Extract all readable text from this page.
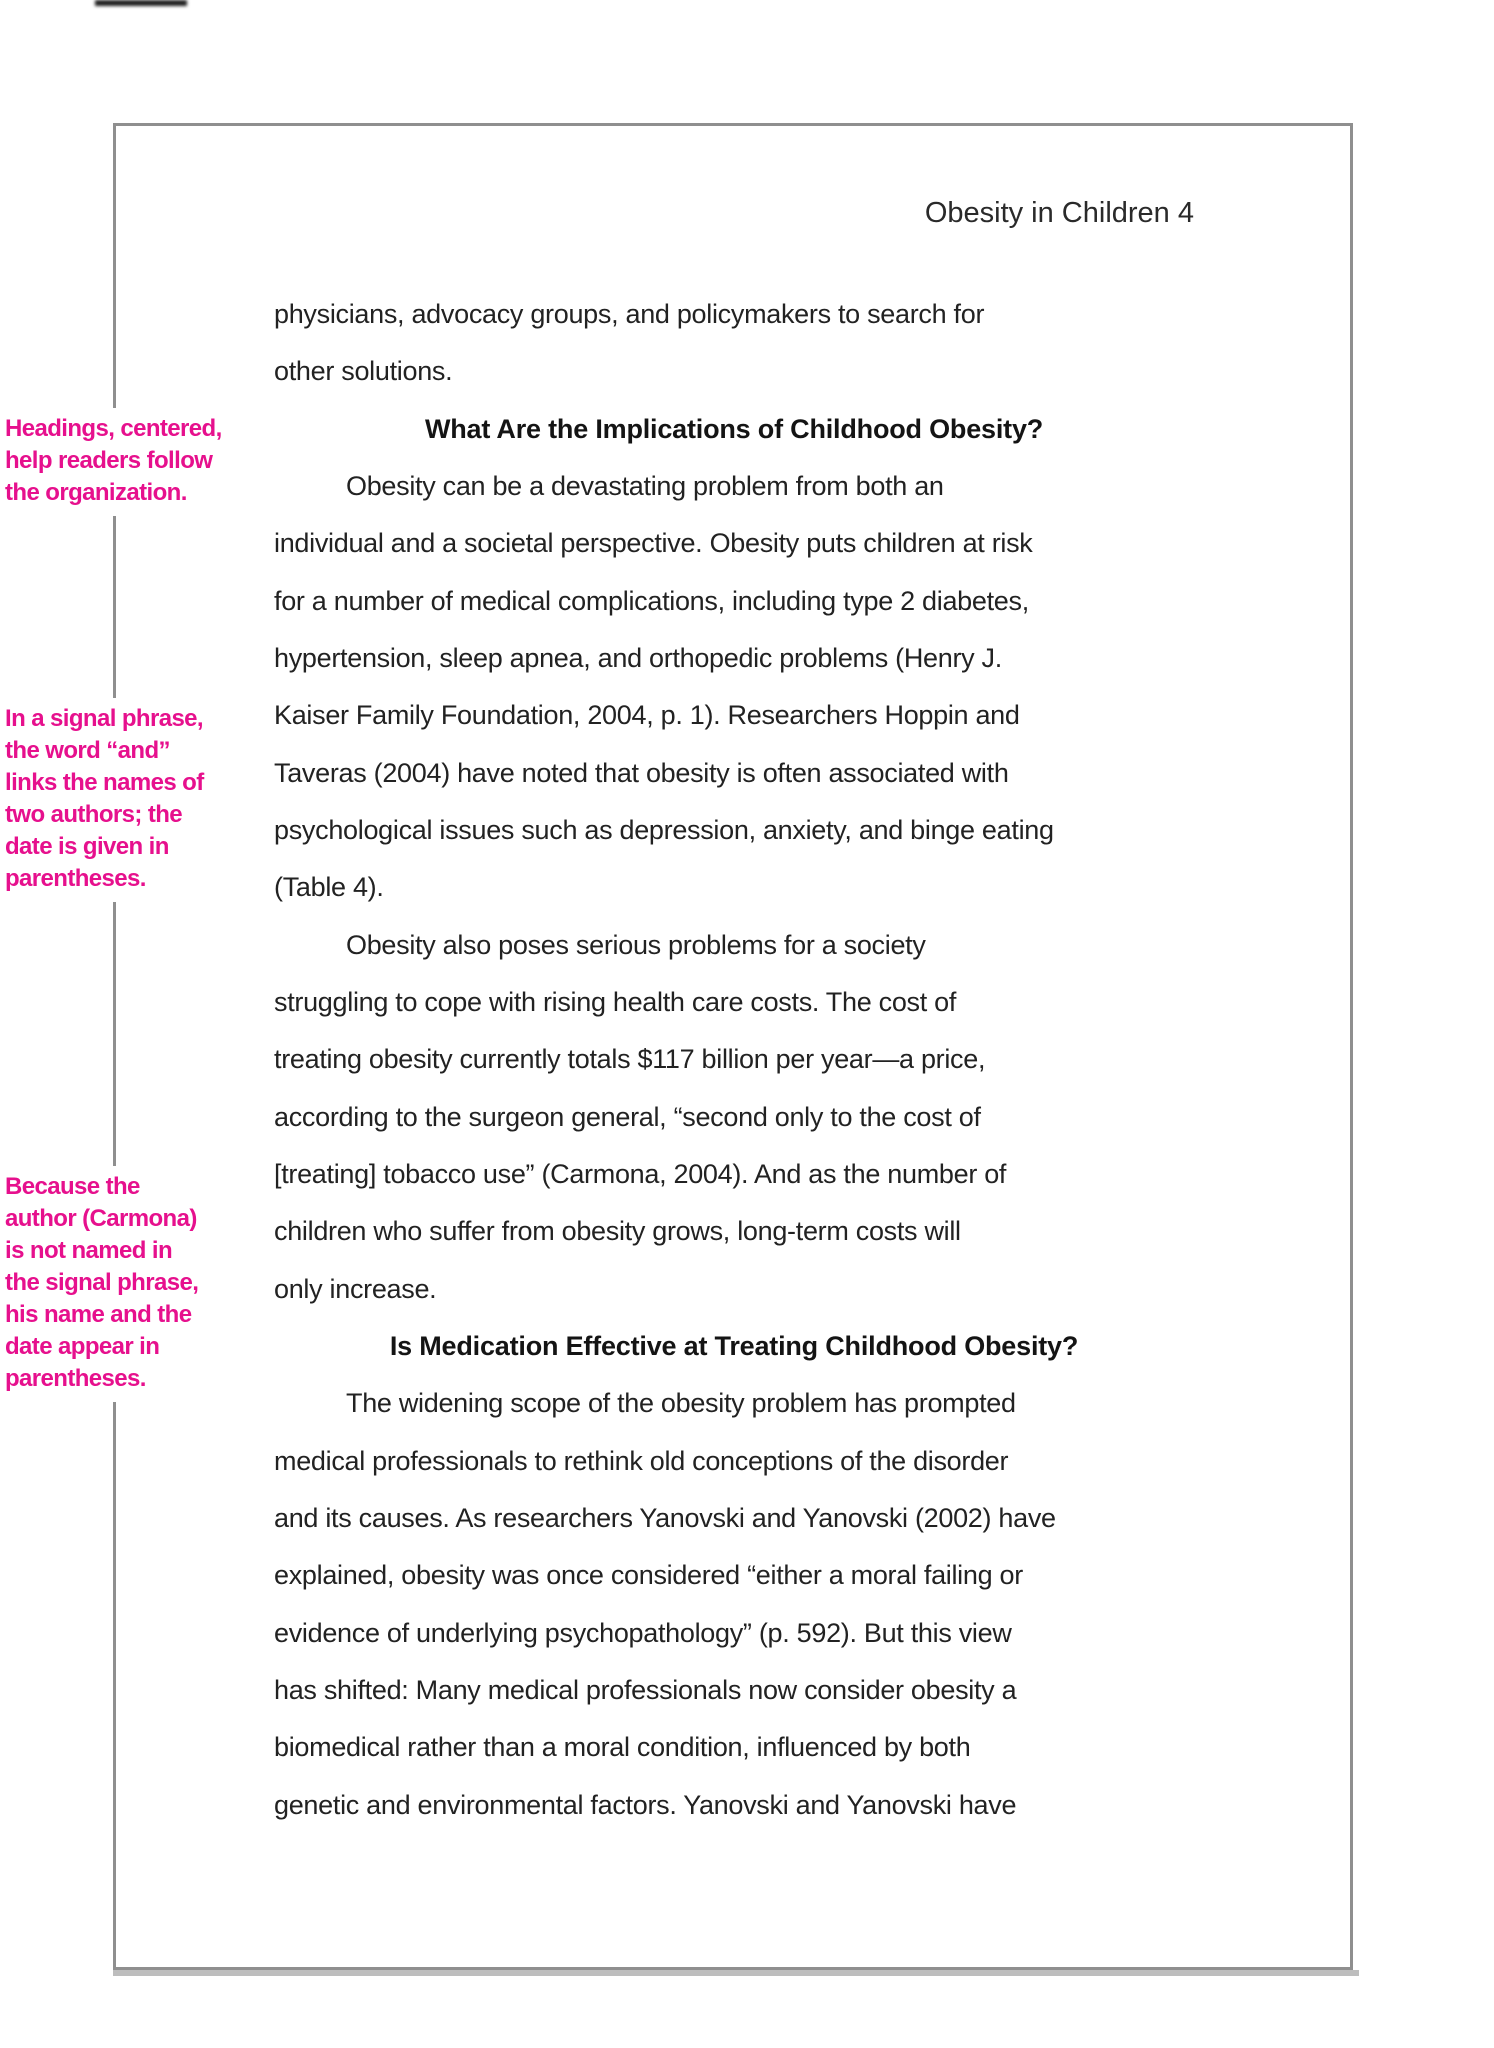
Obesity in Children 4
physicians, advocacy groups, and policymakers to search for
other solutions.
What Are the Implications of Childhood Obesity?
Obesity can be a devastating problem from both an
individual and a societal perspective. Obesity puts children at risk
for a number of medical complications, including type 2 diabetes,
hypertension, sleep apnea, and orthopedic problems (Henry J.
Kaiser Family Foundation, 2004, p. 1). Researchers Hoppin and
Taveras (2004) have noted that obesity is often associated with
psychological issues such as depression, anxiety, and binge eating
(Table 4).
Obesity also poses serious problems for a society
struggling to cope with rising health care costs. The cost of
treating obesity currently totals $117 billion per year—a price,
according to the surgeon general, “second only to the cost of
[treating] tobacco use” (Carmona, 2004). And as the number of
children who suffer from obesity grows, long-term costs will
only increase.
Is Medication Effective at Treating Childhood Obesity?
The widening scope of the obesity problem has prompted
medical professionals to rethink old conceptions of the disorder
and its causes. As researchers Yanovski and Yanovski (2002) have
explained, obesity was once considered “either a moral failing or
evidence of underlying psychopathology” (p. 592). But this view
has shifted: Many medical professionals now consider obesity a
biomedical rather than a moral condition, influenced by both
genetic and environmental factors. Yanovski and Yanovski have
Headings, centered,
help readers follow
the organization.
In a signal phrase,
the word “and”
links the names of
two authors; the
date is given in
parentheses.
Because the
author (Carmona)
is not named in
the signal phrase,
his name and the
date appear in
parentheses.
